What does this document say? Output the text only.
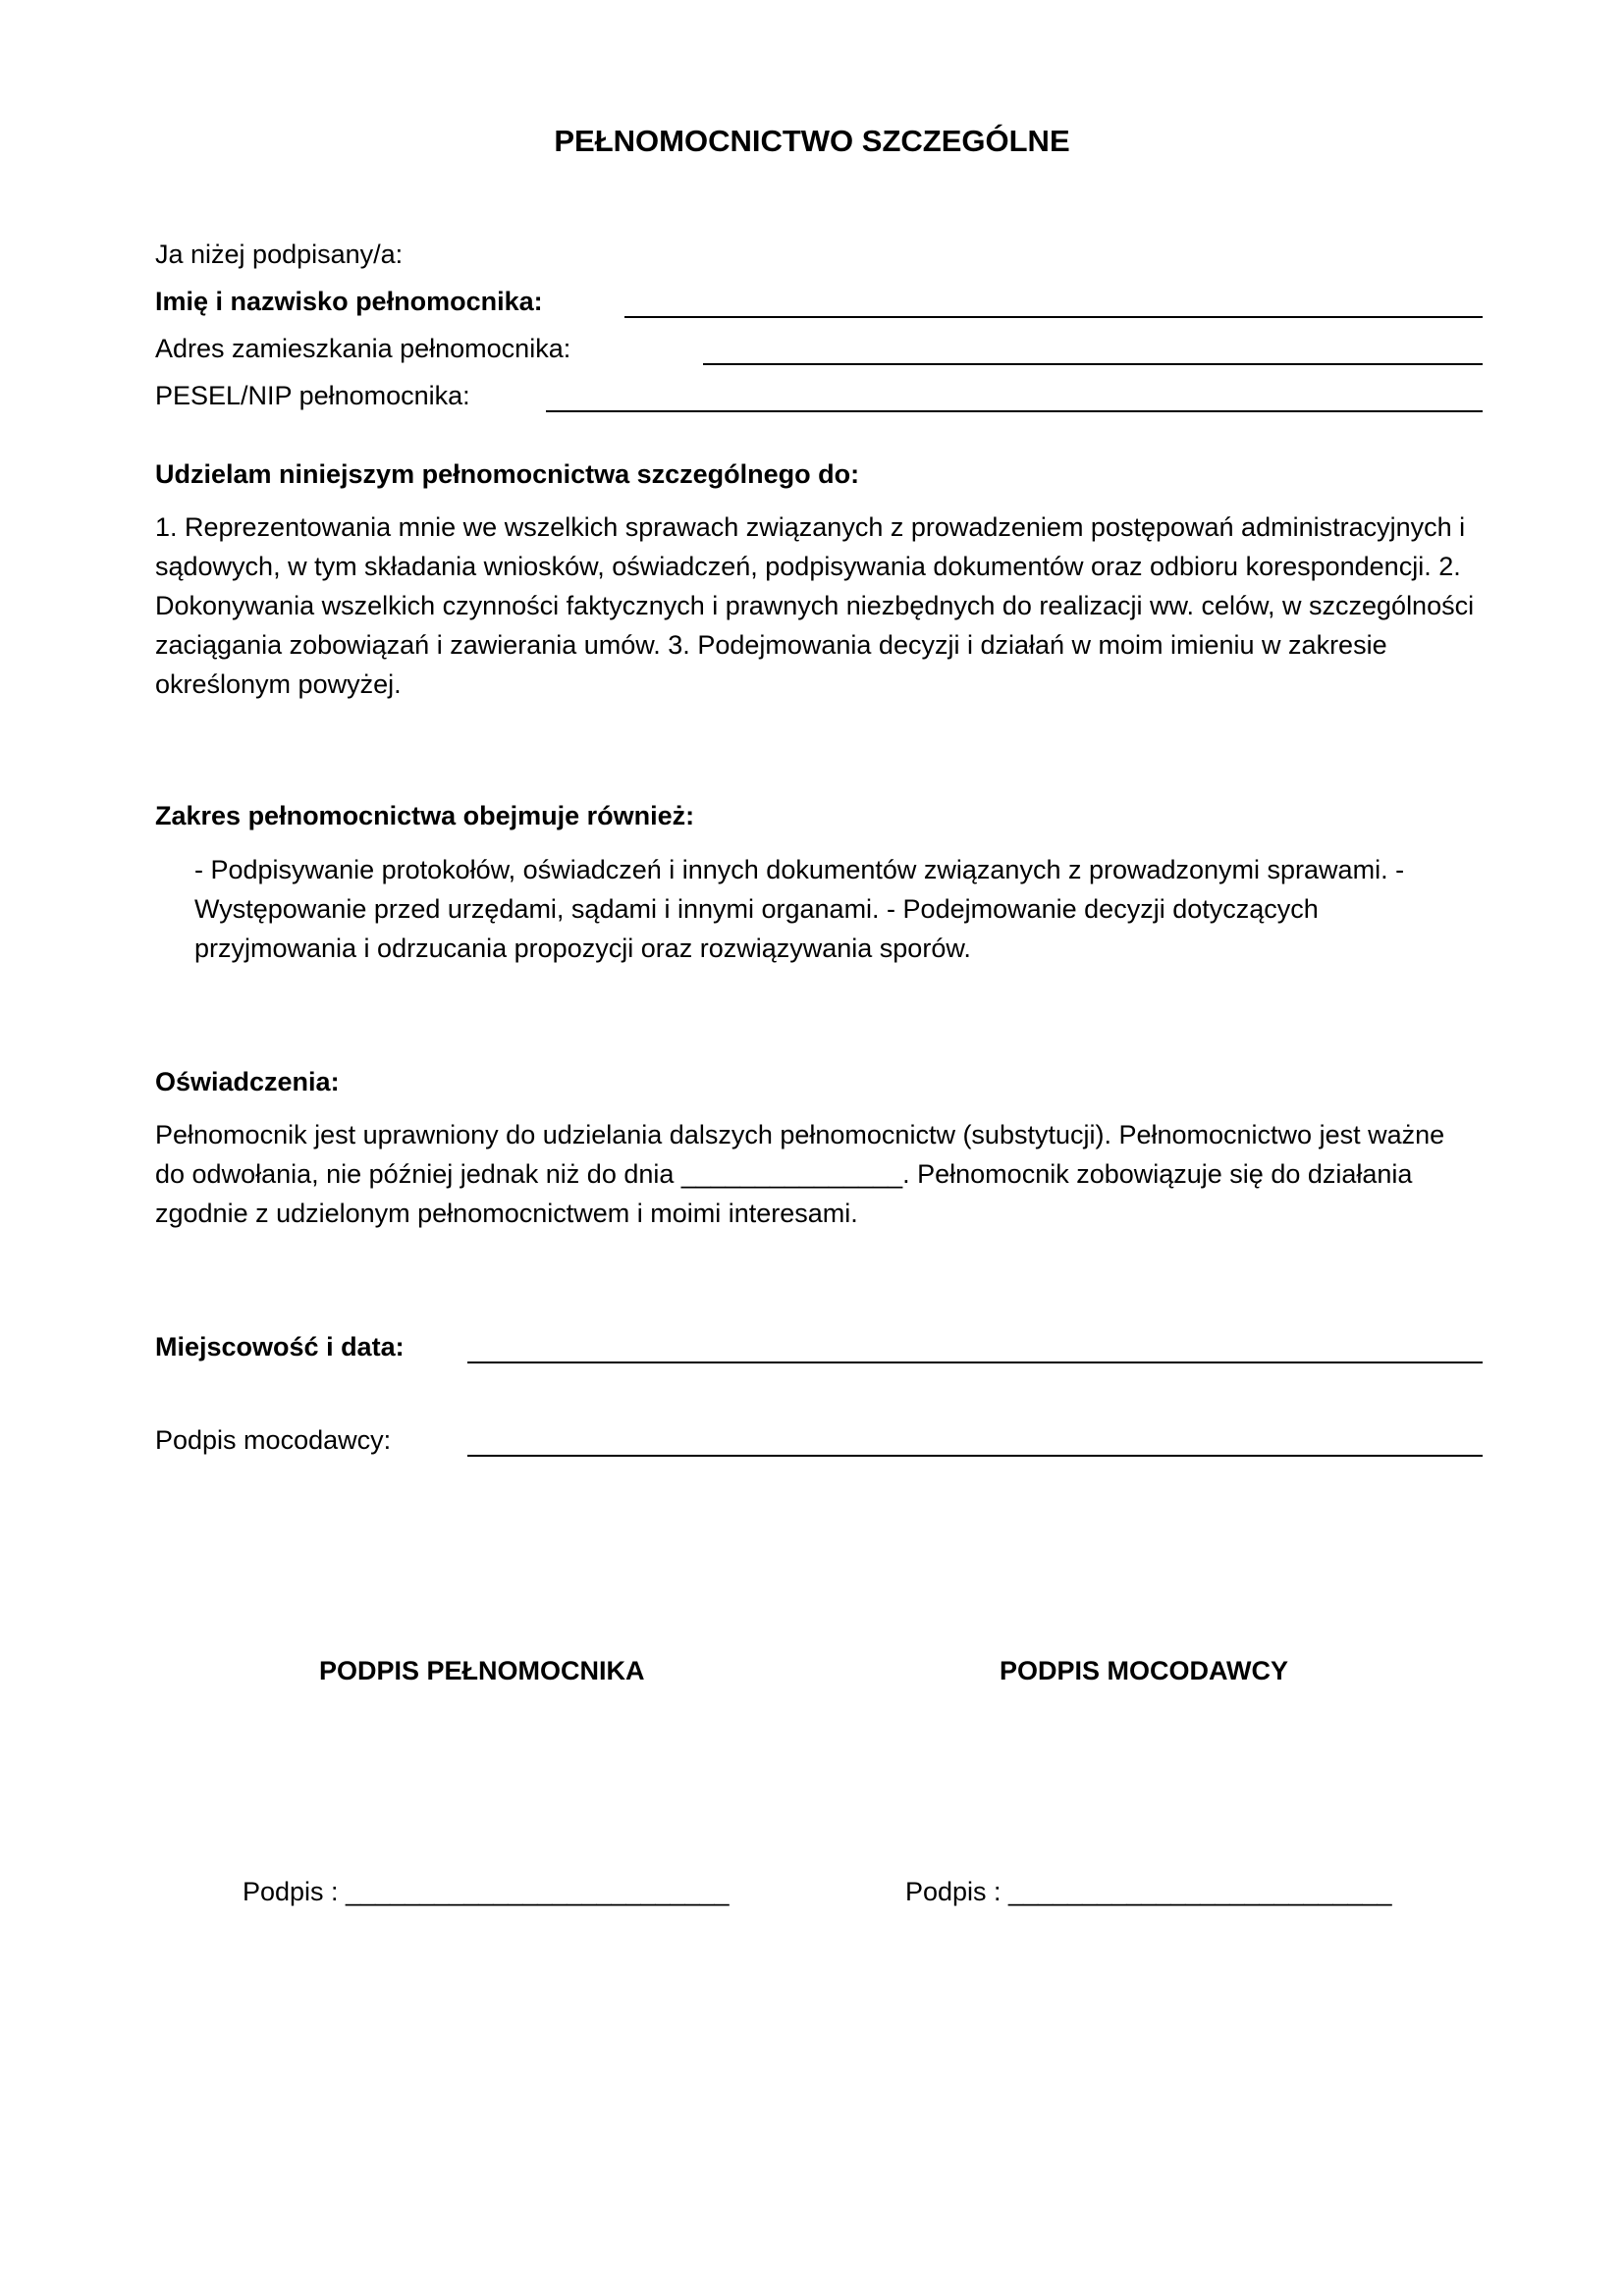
PEŁNOMOCNICTWO SZCZEGÓLNE
Ja niżej podpisany/a:
Imię i nazwisko pełnomocnika:
Adres zamieszkania pełnomocnika:
PESEL/NIP pełnomocnika:
Udzielam niniejszym pełnomocnictwa szczególnego do:
1. Reprezentowania mnie we wszelkich sprawach związanych z prowadzeniem postępowań administracyjnych i sądowych, w tym składania wniosków, oświadczeń, podpisywania dokumentów oraz odbioru korespondencji. 2. Dokonywania wszelkich czynności faktycznych i prawnych niezbędnych do realizacji ww. celów, w szczególności zaciągania zobowiązań i zawierania umów. 3. Podejmowania decyzji i działań w moim imieniu w zakresie określonym powyżej.
Zakres pełnomocnictwa obejmuje również:
- Podpisywanie protokołów, oświadczeń i innych dokumentów związanych z prowadzonymi sprawami. - Występowanie przed urzędami, sądami i innymi organami. - Podejmowanie decyzji dotyczących przyjmowania i odrzucania propozycji oraz rozwiązywania sporów.
Oświadczenia:
Pełnomocnik jest uprawniony do udzielania dalszych pełnomocnictw (substytucji). Pełnomocnictwo jest ważne do odwołania, nie później jednak niż do dnia _______________. Pełnomocnik zobowiązuje się do działania zgodnie z udzielonym pełnomocnictwem i moimi interesami.
Miejscowość i data:
Podpis mocodawcy:
PODPIS PEŁNOMOCNIKA	PODPIS MOCODAWCY
Podpis : __________________________	Podpis : __________________________
